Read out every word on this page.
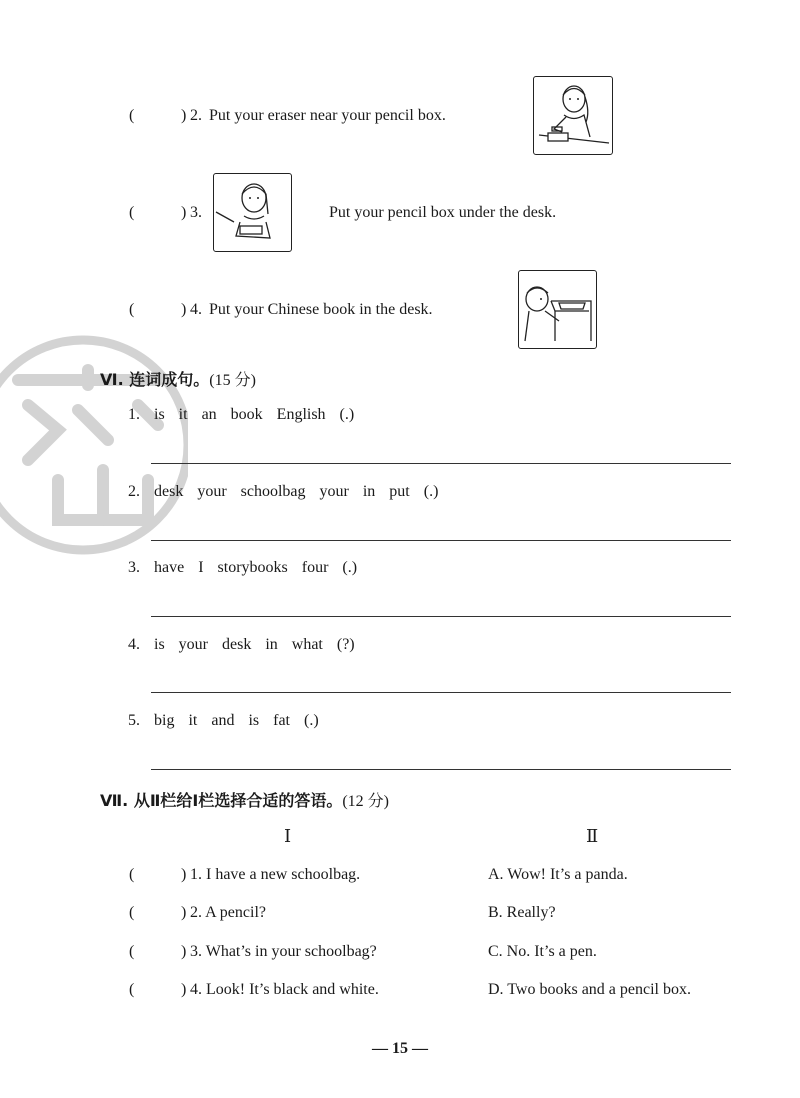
(	) 2. Put your eraser near your pencil box.
(	) 3.	Put your pencil box under the desk.
(	) 4. Put your Chinese book in the desk.
Ⅵ. 连词成句。(15 分)
1. is it an book English (.)
2. desk your schoolbag your in put (.)
3. have I storybooks four (.)
4. is your desk in what (?)
5. big it and is fat (.)
Ⅶ. 从Ⅱ栏给Ⅰ栏选择合适的答语。(12 分)
Ⅰ	Ⅱ
(	) 1. I have a new schoolbag.	A. Wow! It’s a panda.
(	) 2. A pencil?	B. Really?
(	) 3. What’s in your schoolbag?	C. No. It’s a pen.
(	) 4. Look! It’s black and white.	D. Two books and a pencil box.
— 15 —
